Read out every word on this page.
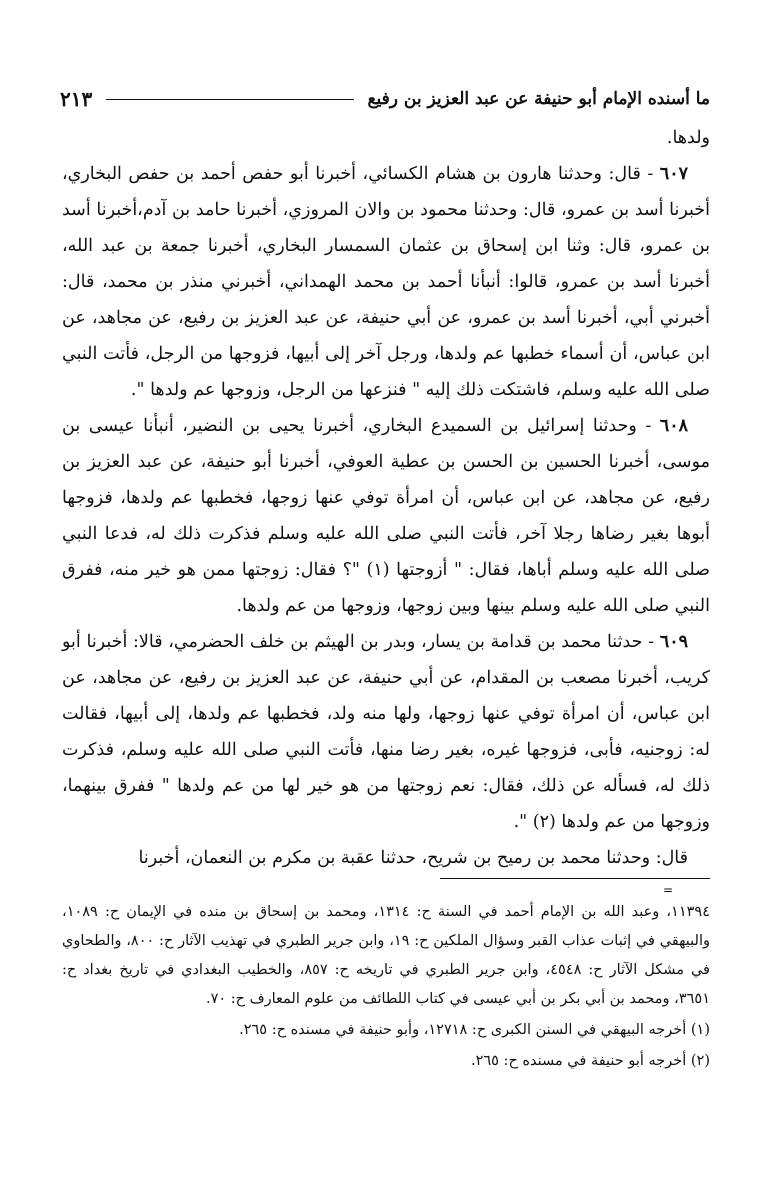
ما أسنده الإمام أبو حنيفة عن عبد العزيز بن رفيع
٢١٣

ولدها.

٦٠٧ - قال: وحدثنا هارون بن هشام الكسائي، أخبرنا أبو حفص أحمد بن حفص البخاري، أخبرنا أسد بن عمرو، قال: وحدثنا محمود بن والان المروزي، أخبرنا حامد بن آدم،أخبرنا أسد بن عمرو، قال: وثنا ابن إسحاق بن عثمان السمسار البخاري، أخبرنا جمعة بن عبد الله، أخبرنا أسد بن عمرو، قالوا: أنبأنا أحمد بن محمد الهمداني، أخبرني منذر بن محمد، قال: أخبرني أبي، أخبرنا أسد بن عمرو، عن أبي حنيفة، عن عبد العزيز بن رفيع، عن مجاهد، عن ابن عباس، أن أسماء خطبها عم ولدها، ورجل آخر إلى أبيها، فزوجها من الرجل، فأتت النبي صلى الله عليه وسلم، فاشتكت ذلك إليه " فنزعها من الرجل، وزوجها عم ولدها ".

٦٠٨ - وحدثنا إسرائيل بن السميدع البخاري، أخبرنا يحيى بن النضير، أنبأنا عيسى بن موسى، أخبرنا الحسين بن الحسن بن عطية العوفي، أخبرنا أبو حنيفة، عن عبد العزيز بن رفيع، عن مجاهد، عن ابن عباس، أن امرأة توفي عنها زوجها، فخطبها عم ولدها، فزوجها أبوها بغير رضاها رجلا آخر، فأتت النبي صلى الله عليه وسلم فذكرت ذلك له، فدعا النبي صلى الله عليه وسلم أباها، فقال: " أزوجتها (١) "؟ فقال: زوجتها ممن هو خير منه، ففرق النبي صلى الله عليه وسلم بينها وبين زوجها، وزوجها من عم ولدها.

٦٠٩ - حدثنا محمد بن قدامة بن يسار، وبدر بن الهيثم بن خلف الحضرمي، قالا: أخبرنا أبو كريب، أخبرنا مصعب بن المقدام، عن أبي حنيفة، عن عبد العزيز بن رفيع، عن مجاهد، عن ابن عباس، أن امرأة توفي عنها زوجها، ولها منه ولد، فخطبها عم ولدها، إلى أبيها، فقالت له: زوجنيه، فأبى، فزوجها غيره، بغير رضا منها، فأتت النبي صلى الله عليه وسلم، فذكرت ذلك له، فسأله عن ذلك، فقال: نعم زوجتها من هو خير لها من عم ولدها " ففرق بينهما، وزوجها من عم ولدها (٢) ".

قال: وحدثنا محمد بن رميح بن شريح، حدثنا عقبة بن مكرم بن النعمان، أخبرنا

=

١١٣٩٤، وعبد الله بن الإمام أحمد في السنة ح: ١٣١٤، ومحمد بن إسحاق بن منده في الإيمان ح: ١٠٨٩، والبيهقي في إثبات عذاب القبر وسؤال الملكين ح: ١٩، وابن جرير الطبري في تهذيب الآثار ح: ٨٠٠، والطحاوي في مشكل الآثار ح: ٤٥٤٨، وابن جرير الطبري في تاريخه ح: ٨٥٧، والخطيب البغدادي في تاريخ بغداد ح: ٣٦٥١، ومحمد بن أبي بكر بن أبي عيسى في كتاب اللطائف من علوم المعارف ح: ٧٠.

(١) أخرجه البيهقي في السنن الكبرى ح: ١٢٧١٨، وأبو حنيفة في مسنده ح: ٢٦٥.

(٢) أخرجه أبو حنيفة في مسنده ح: ٢٦٥.
